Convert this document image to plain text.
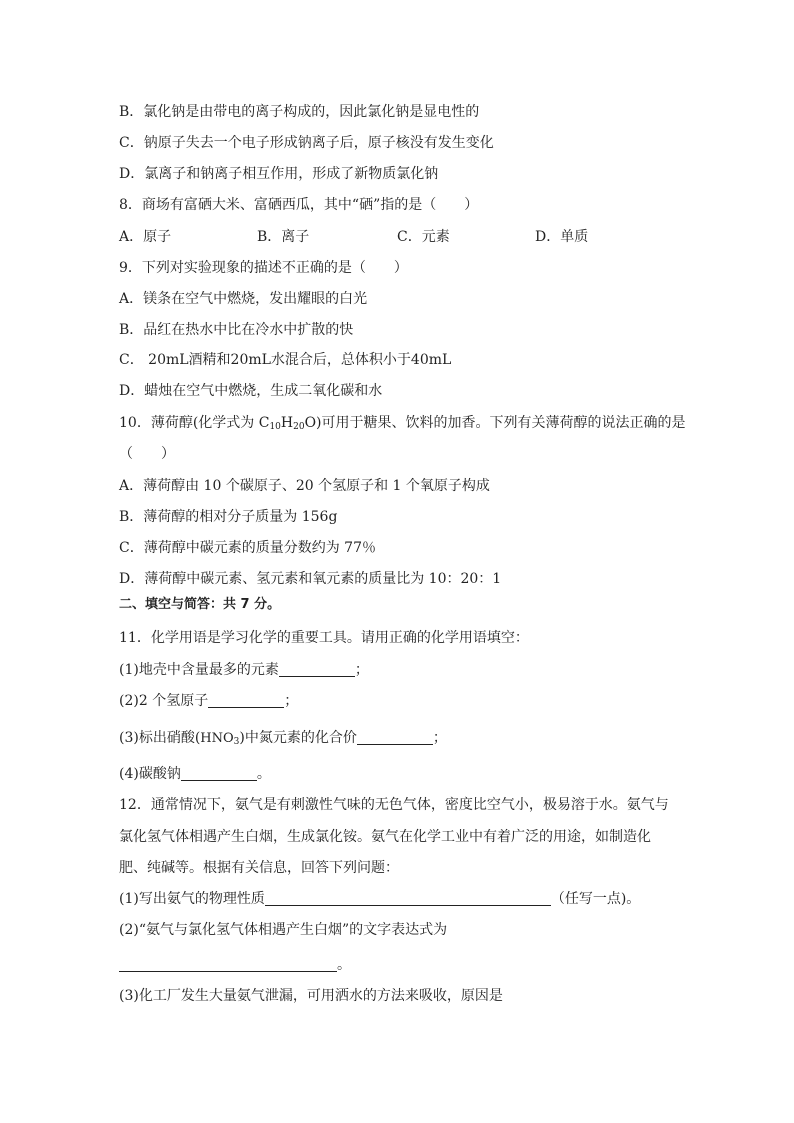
B．氯化钠是由带电的离子构成的，因此氯化钠是显电性的
C．钠原子失去一个电子形成钠离子后，原子核没有发生变化
D．氯离子和钠离子相互作用，形成了新物质氯化钠
8．商场有富硒大米、富硒西瓜，其中“硒”指的是（　　）
A．原子	B．离子	C．元素	D．单质
9．下列对实验现象的描述不正确的是（　　）
A．镁条在空气中燃烧，发出耀眼的白光
B．品红在热水中比在冷水中扩散的快
C． 20mL酒精和20mL水混合后，总体积小于40mL
D．蜡烛在空气中燃烧，生成二氧化碳和水
10．薄荷醇(化学式为 $C_{10}H_{20}O$)可用于糖果、饮料的加香。下列有关薄荷醇的说法正确的是
（　　）
A．薄荷醇由 10 个碳原子、20 个氢原子和 1 个氧原子构成
B．薄荷醇的相对分子质量为 156g
C．薄荷醇中碳元素的质量分数约为 77％
D．薄荷醇中碳元素、氢元素和氧元素的质量比为 10：20：1
二、填空与简答：共 7 分。
11．化学用语是学习化学的重要工具。请用正确的化学用语填空：
(1)地壳中含量最多的元素	；
(2)2 个氢原子	；
(3)标出硝酸$(HNO_3)$中氮元素的化合价	；
(4)碳酸钠	。
12．通常情况下，氨气是有刺激性气味的无色气体，密度比空气小，极易溶于水。氨气与
氯化氢气体相遇产生白烟，生成氯化铵。氨气在化学工业中有着广泛的用途，如制造化
肥、纯碱等。根据有关信息，回答下列问题：
(1)写出氨气的物理性质	（任写一点)。
(2)“氨气与氯化氢气体相遇产生白烟”的文字表达式为
。
(3)化工厂发生大量氨气泄漏，可用洒水的方法来吸收，原因是
